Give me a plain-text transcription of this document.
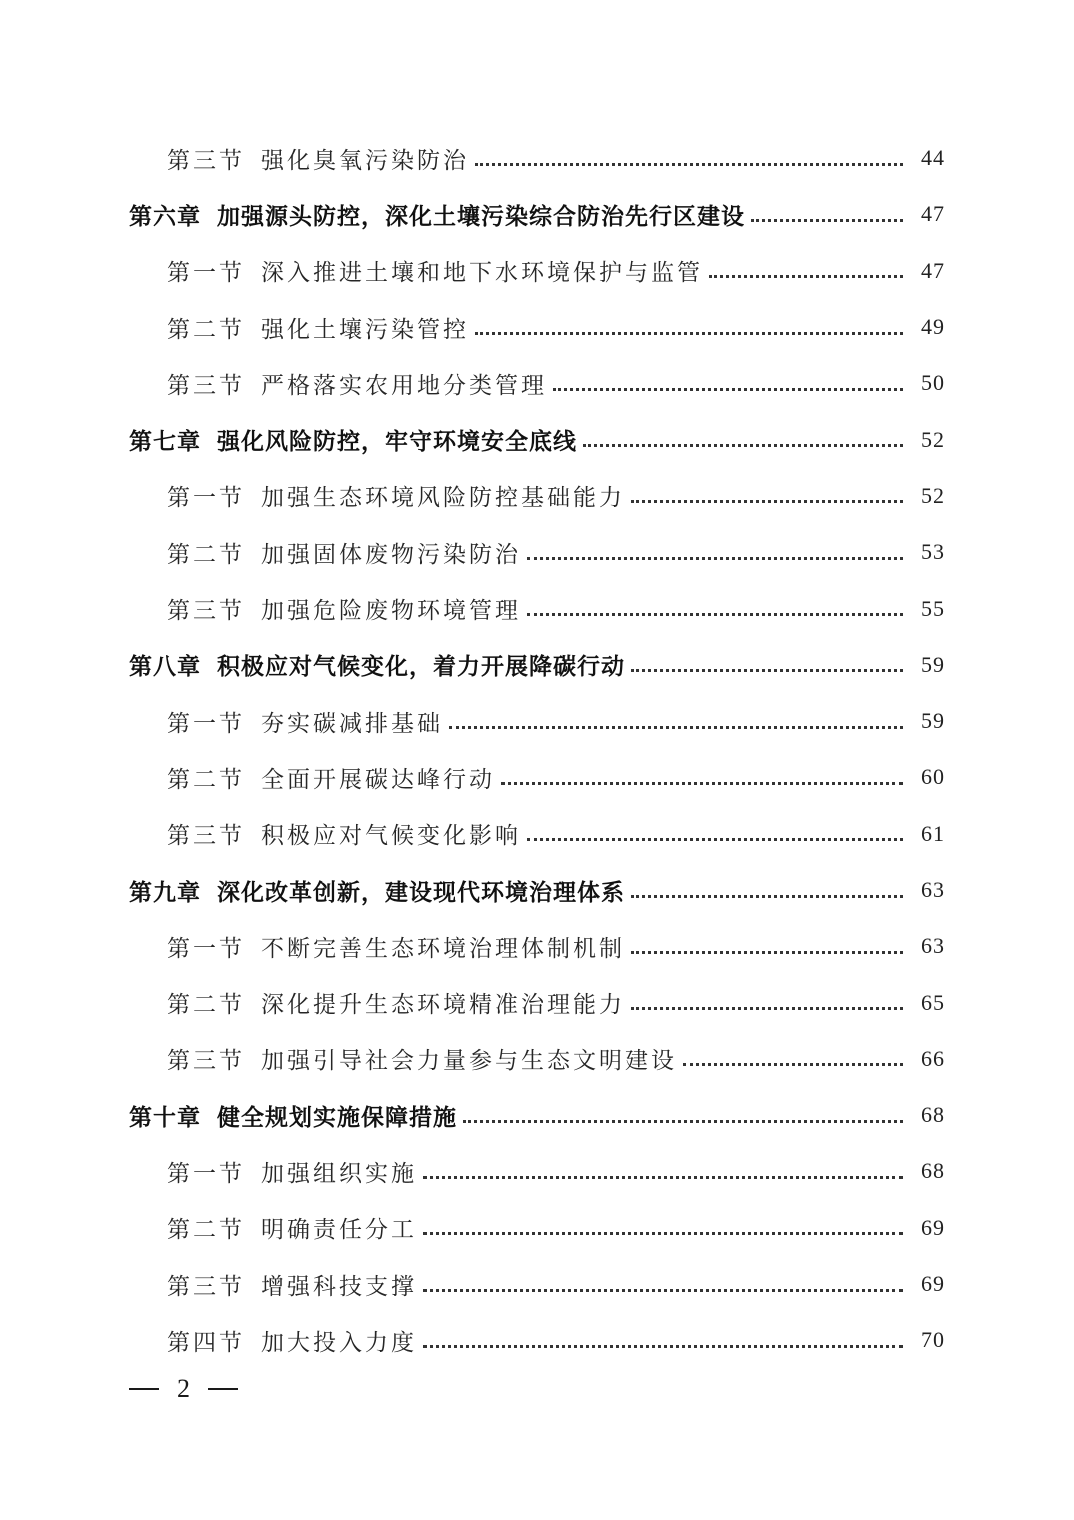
第三节 强化臭氧污染防治	44
第六章 加强源头防控，深化土壤污染综合防治先行区建设	47
第一节 深入推进土壤和地下水环境保护与监管	47
第二节 强化土壤污染管控	49
第三节 严格落实农用地分类管理	50
第七章 强化风险防控，牢守环境安全底线	52
第一节 加强生态环境风险防控基础能力	52
第二节 加强固体废物污染防治	53
第三节 加强危险废物环境管理	55
第八章 积极应对气候变化，着力开展降碳行动	59
第一节 夯实碳减排基础	59
第二节 全面开展碳达峰行动	60
第三节 积极应对气候变化影响	61
第九章 深化改革创新，建设现代环境治理体系	63
第一节 不断完善生态环境治理体制机制	63
第二节 深化提升生态环境精准治理能力	65
第三节 加强引导社会力量参与生态文明建设	66
第十章 健全规划实施保障措施	68
第一节 加强组织实施	68
第二节 明确责任分工	69
第三节 增强科技支撑	69
第四节 加大投入力度	70
2
